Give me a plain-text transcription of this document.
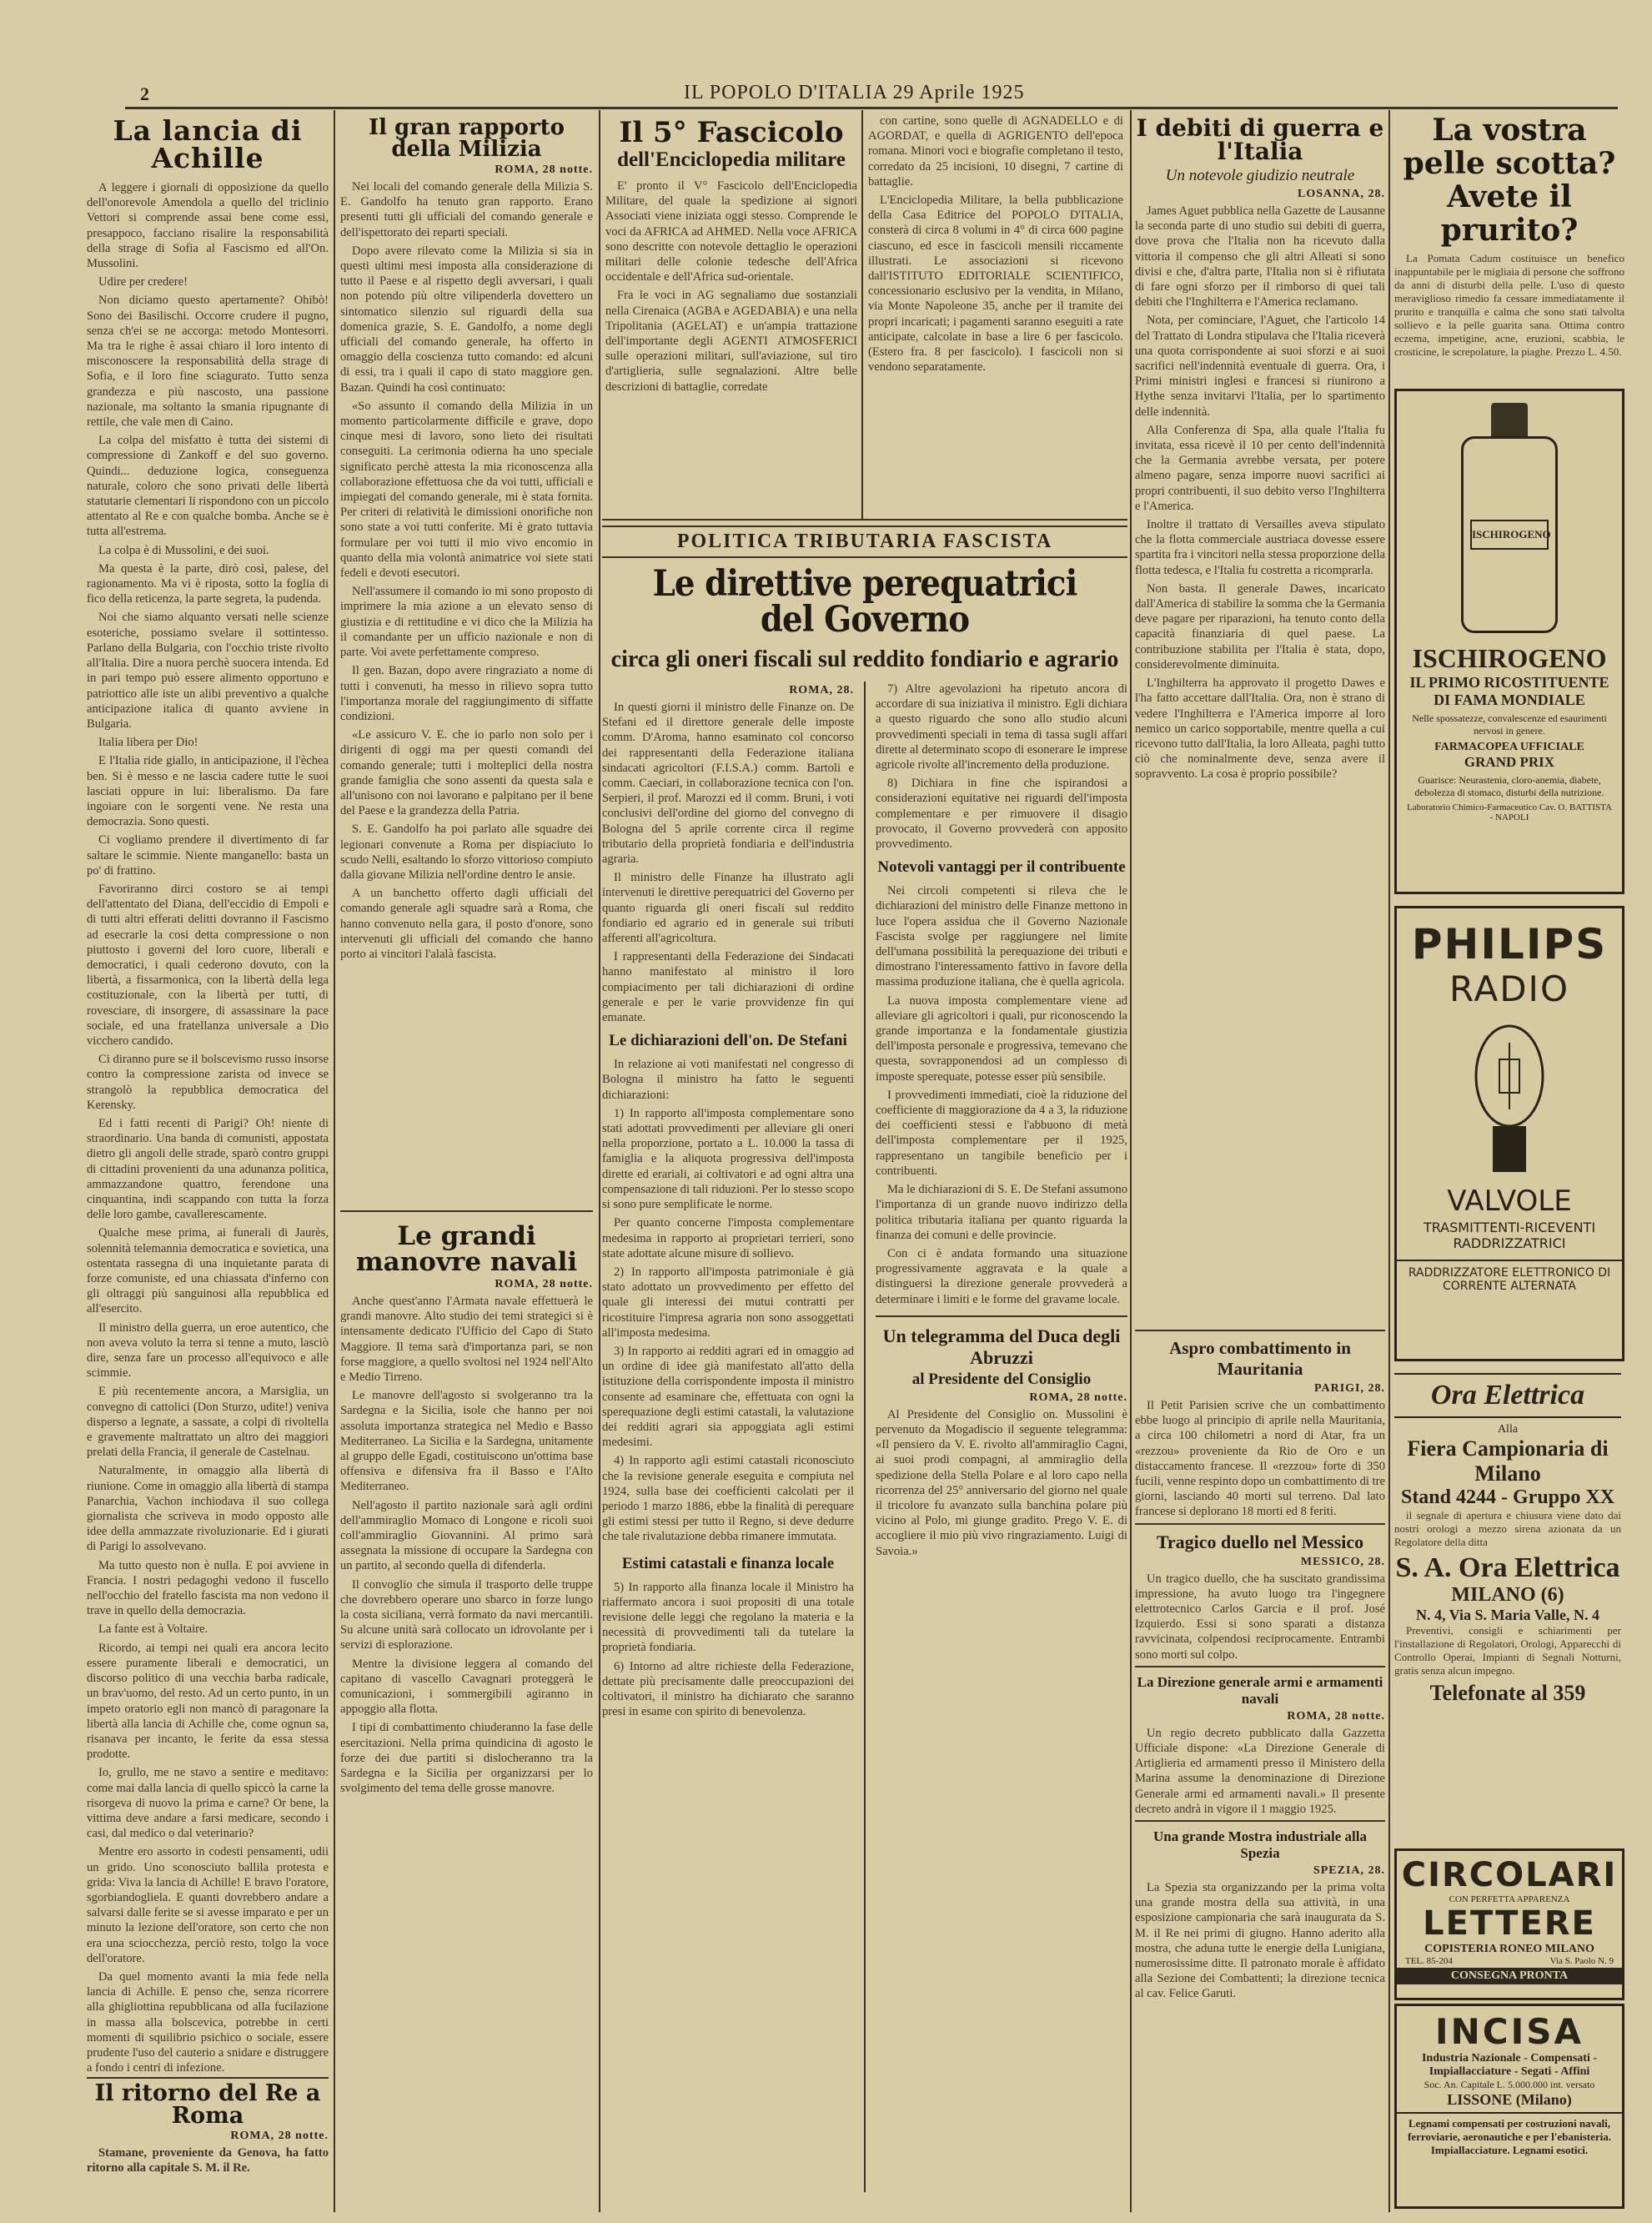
2	IL POPOLO D'ITALIA 29 Aprile 1925
La lancia di Achille

A leggere i giornali di opposizione da quello dell'onorevole Amendola a quello del triclinio Vettori si comprende assai bene come essi, presappoco, facciano risalire la responsabilità della strage di Sofia al Fascismo ed all'On. Mussolini.

Udire per credere!

Non diciamo questo apertamente? Ohibò! Sono dei Basilischi. Occorre crudere il pugno, senza ch'ei se ne accorga: metodo Montesorri. Ma tra le righe è assai chiaro il loro intento di misconoscere la responsabilità della strage di Sofia, e il loro fine sciagurato. Tutto senza grandezza e più nascosto, una passione nazionale, ma soltanto la smania ripugnante di rettile, che vale men di Caino.

La colpa del misfatto è tutta dei sistemi di compressione di Zankoff e del suo governo. Quindi... deduzione logica, conseguenza naturale, coloro che sono privati delle libertà statutarie clementari li rispondono con un piccolo attentato al Re e con qualche bomba. Anche se è tutta all'estrema.

La colpa è di Mussolini, e dei suoi.

Ma questa è la parte, dirò così, palese, del ragionamento. Ma vi è riposta, sotto la foglia di fico della reticenza, la parte segreta, la pudenda.

Noi che siamo alquanto versati nelle scienze esoteriche, possiamo svelare il sottintesso. Parlano della Bulgaria, con l'occhio triste rivolto all'Italia. Dire a nuora perchè suocera intenda. Ed in pari tempo può essere alimento opportuno e patriottico alle iste un alibi preventivo a qualche anticipazione italica di quanto avviene in Bulgaria.

Italia libera per Dio!

E l'Italia ride giallo, in anticipazione, il l'èchea ben. Si è messo e ne lascia cadere tutte le suoi lasciati oppure in lui: liberalismo. Da fare ingoiare con le sorgenti vene. Ne resta una democrazia. Sono questi.

Ci vogliamo prendere il divertimento di far saltare le scimmie. Niente manganello: basta un po' di frattino.

Favoriranno dirci costoro se ai tempi dell'attentato del Diana, dell'eccidio di Empoli e di tutti altri efferati delitti dovranno il Fascismo ad esecrarle la cosi detta compressione o non piuttosto i governi del loro cuore, liberali e democratici, i quali cederono dovuto, con la libertà, a fissarmonica, con la libertà della lega costituzionale, con la libertà per tutti, di rovesciare, di insorgere, di assassinare la pace sociale, ed una fratellanza universale a Dio vicchero candido.

Ci diranno pure se il bolscevismo russo insorse contro la compressione zarista od invece se strangolò la repubblica democratica del Kerensky.

Ed i fatti recenti di Parigi? Oh! niente di straordinario. Una banda di comunisti, appostata dietro gli angoli delle strade, sparò contro gruppi di cittadini provenienti da una adunanza politica, ammazzandone quattro, ferendone una cinquantina, indi scappando con tutta la forza delle loro gambe, cavallerescamente.

Qualche mese prima, ai funerali di Jaurès, solennità telemannia democratica e sovietica, una ostentata rassegna di una inquietante parata di forze comuniste, ed una chiassata d'inferno con gli oltraggi più sanguinosi alla repubblica ed all'esercito.

Il ministro della guerra, un eroe autentico, che non aveva voluto la terra si tenne a muto, lasciò dire, senza fare un processo all'equivoco e alle scimmie.

E più recentemente ancora, a Marsiglia, un convegno di cattolici (Don Sturzo, udite!) veniva disperso a legnate, a sassate, a colpi di rivoltella e gravemente maltrattato un altro dei maggiori prelati della Francia, il generale de Castelnau.

Naturalmente, in omaggio alla libertà di riunione. Come in omaggio alla libertà di stampa Panarchia, Vachon inchiodava il suo collega giornalista che scriveva in modo opposto alle idee della ammazzate rivoluzionarie. Ed i giurati di Parigi lo assolvevano.

Ma tutto questo non è nulla. E poi avviene in Francia. I nostri pedagoghi vedono il fuscello nell'occhio del fratello fascista ma non vedono il trave in quello della democrazia.

La fante est à Voltaire.

Ricordo, ai tempi nei quali era ancora lecito essere puramente liberali e democratici, un discorso politico di una vecchia barba radicale, un brav'uomo, del resto. Ad un certo punto, in un impeto oratorio egli non mancò di paragonare la libertà alla lancia di Achille che, come ognun sa, risanava per incanto, le ferite da essa stessa prodotte.

Io, grullo, me ne stavo a sentire e meditavo: come mai dalla lancia di quello spiccò la carne la risorgeva di nuovo la prima e carne? Or bene, la vittima deve andare a farsi medicare, secondo i casi, dal medico o dal veterinario?

Mentre ero assorto in codesti pensamenti, udii un grido. Uno sconosciuto ballila protesta e grida: Viva la lancia di Achille! E bravo l'oratore, sgorbiandogliela. E quanti dovrebbero andare a salvarsi dalle ferite se si avesse imparato e per un minuto la lezione dell'oratore, son certo che non era una sciocchezza, perciò resto, tolgo la voce dell'oratore.

Da quel momento avanti la mia fede nella lancia di Achille. E penso che, senza ricorrere alla ghigliottina repubblicana od alla fucilazione in massa alla bolscevica, potrebbe in certi momenti di squilibrio psichico o sociale, essere prudente l'uso del cauterio a snidare e distruggere a fondo i centri di infezione.

Il ritorno del Re a Roma
ROMA, 28 notte.

Stamane, proveniente da Genova, ha fatto ritorno alla capitale S. M. il Re.

Il gran rapporto della Milizia
ROMA, 28 notte.

Nei locali del comando generale della Milizia S. E. Gandolfo ha tenuto gran rapporto. Erano presenti tutti gli ufficiali del comando generale e dell'ispettorato dei reparti speciali.

Dopo avere rilevato come la Milizia si sia in questi ultimi mesi imposta alla considerazione di tutto il Paese e al rispetto degli avversari, i quali non potendo più oltre vilipenderla dovettero un sintomatico silenzio sul riguardi della sua domenica grazie, S. E. Gandolfo, a nome degli ufficiali del comando generale, ha offerto in omaggio della coscienza tutto comando: ed alcuni di essi, tra i quali il capo di stato maggiore gen. Bazan. Quindi ha così continuato:

«So assunto il comando della Milizia in un momento particolarmente difficile e grave, dopo cinque mesi di lavoro, sono lieto dei risultati conseguiti. La cerimonia odierna ha uno speciale significato perchè attesta la mia riconoscenza alla collaborazione effettuosa che da voi tutti, ufficiali e impiegati del comando generale, mi è stata fornita. Per criteri di relatività le dimissioni onorifiche non sono state a voi tutti conferite. Mi è grato tuttavia formulare per voi tutti il mio vivo encomio in quanto della mia volontà animatrice voi siete stati fedeli e devoti esecutori.

Nell'assumere il comando io mi sono proposto di imprimere la mia azione a un elevato senso di giustizia e di rettitudine e vi dico che la Milizia ha il comandante per un ufficio nazionale e non di parte. Voi avete perfettamente compreso.

Il gen. Bazan, dopo avere ringraziato a nome di tutti i convenuti, ha messo in rilievo sopra tutto l'importanza morale del raggiungimento di siffatte condizioni.

«Le assicuro V. E. che io parlo non solo per i dirigenti di oggi ma per questi comandi del comando generale; tutti i molteplici della nostra grande famiglia che sono assenti da questa sala e all'unisono con noi lavorano e palpitano per il bene del Paese e la grandezza della Patria.

S. E. Gandolfo ha poi parlato alle squadre dei legionari convenute a Roma per dispiaciuto lo scudo Nelli, esaltando lo sforzo vittorioso compiuto dalla giovane Milizia nell'ordine dentro le ansie.

A un banchetto offerto dagli ufficiali del comando generale agli squadre sarà a Roma, che hanno convenuto nella gara, il posto d'onore, sono intervenuti gli ufficiali del comando che hanno porto ai vincitori l'alalà fascista.

Le grandi manovre navali
ROMA, 28 notte.

Anche quest'anno l'Armata navale effettuerà le grandi manovre. Alto studio dei temi strategici si è intensamente dedicato l'Ufficio del Capo di Stato Maggiore. Il tema sarà d'importanza pari, se non forse maggiore, a quello svoltosi nel 1924 nell'Alto e Medio Tirreno.

Le manovre dell'agosto si svolgeranno tra la Sardegna e la Sicilia, isole che hanno per noi assoluta importanza strategica nel Medio e Basso Mediterraneo. La Sicilia e la Sardegna, unitamente al gruppo delle Egadi, costituiscono un'ottima base offensiva e difensiva fra il Basso e l'Alto Mediterraneo.

Nell'agosto il partito nazionale sarà agli ordini dell'ammiraglio Momaco di Longone e ricoli suoi coll'ammiraglio Giovannini. Al primo sarà assegnata la missione di occupare la Sardegna con un partito, al secondo quella di difenderla.

Il convoglio che simula il trasporto delle truppe che dovrebbero operare uno sbarco in forze lungo la costa siciliana, verrà formato da navi mercantili. Su alcune unità sarà collocato un idrovolante per i servizi di esplorazione.

Mentre la divisione leggera al comando del capitano di vascello Cavagnari proteggerà le comunicazioni, i sommergibili agiranno in appoggio alla flotta.

I tipi di combattimento chiuderanno la fase delle esercitazioni. Nella prima quindicina di agosto le forze dei due partiti si dislocheranno tra la Sardegna e la Sicilia per organizzarsi per lo svolgimento del tema delle grosse manovre.

Il 5° Fascicolo
dell'Enciclopedia militare

E' pronto il V° Fascicolo dell'Enciclopedia Militare, del quale la spedizione ai signori Associati viene iniziata oggi stesso. Comprende le voci da AFRICA ad AHMED. Nella voce AFRICA sono descritte con notevole dettaglio le operazioni militari delle colonie tedesche dell'Africa occidentale e dell'Africa sud-orientale.

Fra le voci in AG segnaliamo due sostanziali nella Cirenaica (AGBA e AGEDABIA) e una nella Tripolitania (AGELAT) e un'ampia trattazione dell'importante degli AGENTI ATMOSFERICI sulle operazioni militari, sull'aviazione, sul tiro d'artiglieria, sulle segnalazioni. Altre belle descrizioni di battaglie, corredate

con cartine, sono quelle di AGNADELLO e di AGORDAT, e quella di AGRIGENTO dell'epoca romana. Minori voci e biografie completano il testo, corredato da 25 incisioni, 10 disegni, 7 cartine di battaglie.

L'Enciclopedia Militare, la bella pubblicazione della Casa Editrice del POPOLO D'ITALIA, consterà di circa 8 volumi in 4° di circa 600 pagine ciascuno, ed esce in fascicoli mensili riccamente illustrati. Le associazioni si ricevono dall'ISTITUTO EDITORIALE SCIENTIFICO, concessionario esclusivo per la vendita, in Milano, via Monte Napoleone 35, anche per il tramite dei propri incaricati; i pagamenti saranno eseguiti a rate anticipate, calcolate in base a lire 6 per fascicolo. (Estero fra. 8 per fascicolo). I fascicoli non si vendono separatamente.

POLITICA TRIBUTARIA FASCISTA
Le direttive perequatrici del Governo
circa gli oneri fiscali sul reddito fondiario e agrario
ROMA, 28.

In questi giorni il ministro delle Finanze on. De Stefani ed il direttore generale delle imposte comm. D'Aroma, hanno esaminato col concorso dei rappresentanti della Federazione italiana sindacati agricoltori (F.I.S.A.) comm. Bartoli e comm. Caeciari, in collaborazione tecnica con l'on. Serpieri, il prof. Marozzi ed il comm. Bruni, i voti conclusivi dell'ordine del giorno del convegno di Bologna del 5 aprile corrente circa il regime tributario della proprietà fondiaria e dell'industria agraria.

Il ministro delle Finanze ha illustrato agli intervenuti le direttive perequatrici del Governo per quanto riguarda gli oneri fiscali sul reddito fondiario ed agrario ed in generale sui tributi afferenti all'agricoltura.

I rappresentanti della Federazione dei Sindacati hanno manifestato al ministro il loro compiacimento per tali dichiarazioni di ordine generale e per le varie provvidenze fin qui emanate.

Le dichiarazioni dell'on. De Stefani

In relazione ai voti manifestati nel congresso di Bologna il ministro ha fatto le seguenti dichiarazioni:

1) In rapporto all'imposta complementare sono stati adottati provvedimenti per alleviare gli oneri nella proporzione, portato a L. 10.000 la tassa di famiglia e la aliquota progressiva dell'imposta dirette ed erariali, ai coltivatori e ad ogni altra una compensazione di tali riduzioni. Per lo stesso scopo si sono pure semplificate le norme.

Per quanto concerne l'imposta complementare medesima in rapporto ai proprietari terrieri, sono state adottate alcune misure di sollievo.

2) In rapporto all'imposta patrimoniale è già stato adottato un provvedimento per effetto del quale gli interessi dei mutui contratti per ricostituire l'impresa agraria non sono assoggettati all'imposta medesima.

3) In rapporto ai redditi agrari ed in omaggio ad un ordine di idee già manifestato all'atto della istituzione della corrispondente imposta il ministro consente ad esaminare che, effettuata con ogni la sperequazione degli estimi catastali, la valutazione dei redditi agrari sia appoggiata agli estimi medesimi.

4) In rapporto agli estimi catastali riconosciuto che la revisione generale eseguita e compiuta nel 1924, sulla base dei coefficienti calcolati per il periodo 1 marzo 1886, ebbe la finalità di perequare gli estimi stessi per tutto il Regno, si deve dedurre che tale rivalutazione debba rimanere immutata.

Estimi catastali e finanza locale

5) In rapporto alla finanza locale il Ministro ha riaffermato ancora i suoi propositi di una totale revisione delle leggi che regolano la materia e la necessità di provvedimenti tali da tutelare la proprietà fondiaria.

6) Intorno ad altre richieste della Federazione, dettate più precisamente dalle preoccupazioni dei coltivatori, il ministro ha dichiarato che saranno presi in esame con spirito di benevolenza.

7) Altre agevolazioni ha ripetuto ancora di accordare di sua iniziativa il ministro. Egli dichiara a questo riguardo che sono allo studio alcuni provvedimenti speciali in tema di tassa sugli affari dirette al determinato scopo di esonerare le imprese agricole rivolte all'incremento della produzione.

8) Dichiara in fine che ispirandosi a considerazioni equitative nei riguardi dell'imposta complementare e per rimuovere il disagio provocato, il Governo provvederà con apposito provvedimento.

Notevoli vantaggi per il contribuente

Nei circoli competenti si rileva che le dichiarazioni del ministro delle Finanze mettono in luce l'opera assidua che il Governo Nazionale Fascista svolge per raggiungere nel limite dell'umana possibilità la perequazione dei tributi e dimostrano l'interessamento fattivo in favore della massima produzione italiana, che è quella agricola.

La nuova imposta complementare viene ad alleviare gli agricoltori i quali, pur riconoscendo la grande importanza e la fondamentale giustizia dell'imposta personale e progressiva, temevano che questa, sovrapponendosi ad un complesso di imposte sperequate, potesse esser più sensibile.

I provvedimenti immediati, cioè la riduzione del coefficiente di maggiorazione da 4 a 3, la riduzione dei coefficienti stessi e l'abbuono di metà dell'imposta complementare per il 1925, rappresentano un tangibile beneficio per i contribuenti.

Ma le dichiarazioni di S. E. De Stefani assumono l'importanza di un grande nuovo indirizzo della politica tributaria italiana per quanto riguarda la finanza dei comuni e delle provincie.

Con ci è andata formando una situazione progressivamente aggravata e la quale a distinguersi la direzione generale provvederà a determinare i limiti e le forme del gravame locale.

Un telegramma del Duca degli Abruzzi
al Presidente del Consiglio
ROMA, 28 notte.

Al Presidente del Consiglio on. Mussolini è pervenuto da Mogadiscio il seguente telegramma: «Il pensiero da V. E. rivolto all'ammiraglio Cagni, ai suoi prodi compagni, al ammiraglio della spedizione della Stella Polare e al loro capo nella ricorrenza del 25° anniversario del giorno nel quale il tricolore fu avanzato sulla banchina polare più vicino al Polo, mi giunge gradito. Prego V. E. di accogliere il mio più vivo ringraziamento. Luigi di Savoia.»

I debiti di guerra e l'Italia
Un notevole giudizio neutrale
LOSANNA, 28.

James Aguet pubblica nella Gazette de Lausanne la seconda parte di uno studio sui debiti di guerra, dove prova che l'Italia non ha ricevuto dalla vittoria il compenso che gli altri Alleati si sono divisi e che, d'altra parte, l'Italia non si è rifiutata di fare ogni sforzo per il rimborso di quei tali debiti che l'Inghilterra e l'America reclamano.

Nota, per cominciare, l'Aguet, che l'articolo 14 del Trattato di Londra stipulava che l'Italia riceverà una quota corrispondente ai suoi sforzi e ai suoi sacrifici nell'indennità eventuale di guerra. Ora, i Primi ministri inglesi e francesi si riunirono a Hythe senza invitarvi l'Italia, per lo spartimento delle indennità.

Alla Conferenza di Spa, alla quale l'Italia fu invitata, essa ricevè il 10 per cento dell'indennità che la Germania avrebbe versata, per potere almeno pagare, senza imporre nuovi sacrifici ai propri contribuenti, il suo debito verso l'Inghilterra e l'America.

Inoltre il trattato di Versailles aveva stipulato che la flotta commerciale austriaca dovesse essere spartita fra i vincitori nella stessa proporzione della flotta tedesca, e l'Italia fu costretta a ricomprarla.

Non basta. Il generale Dawes, incaricato dall'America di stabilire la somma che la Germania deve pagare per riparazioni, ha tenuto conto della capacità finanziaria di quel paese. La contribuzione stabilita per l'Italia è stata, dopo, considerevolmente diminuita.

L'Inghilterra ha approvato il progetto Dawes e l'ha fatto accettare dall'Italia. Ora, non è strano di vedere l'Inghilterra e l'America imporre al loro nemico un carico sopportabile, mentre quella a cui ricevono tutto dall'Italia, la loro Alleata, paghi tutto ciò che nominalmente deve, senza avere il sopravvento. La cosa è proprio possibile?

Aspro combattimento in Mauritania
PARIGI, 28.

Il Petit Parisien scrive che un combattimento ebbe luogo al principio di aprile nella Mauritania, a circa 100 chilometri a nord di Atar, fra un «rezzou» proveniente da Rio de Oro e un distaccamento francese. Il «rezzou» forte di 350 fucili, venne respinto dopo un combattimento di tre giorni, lasciando 40 morti sul terreno. Dal lato francese si deplorano 18 morti ed 8 feriti.

Tragico duello nel Messico
MESSICO, 28.

Un tragico duello, che ha suscitato grandissima impressione, ha avuto luogo tra l'ingegnere elettrotecnico Carlos Garcia e il prof. José Izquierdo. Essi si sono sparati a distanza ravvicinata, colpendosi reciprocamente. Entrambi sono morti sul colpo.

La Direzione generale armi e armamenti navali
ROMA, 28 notte.

Un regio decreto pubblicato dalla Gazzetta Ufficiale dispone: «La Direzione Generale di Artiglieria ed armamenti presso il Ministero della Marina assume la denominazione di Direzione Generale armi ed armamenti navali.» Il presente decreto andrà in vigore il 1 maggio 1925.

Una grande Mostra industriale alla Spezia
SPEZIA, 28.

La Spezia sta organizzando per la prima volta una grande mostra della sua attività, in una esposizione campionaria che sarà inaugurata da S. M. il Re nei primi di giugno. Hanno aderito alla mostra, che aduna tutte le energie della Lunigiana, numerosissime ditte. Il patronato morale è affidato alla Sezione dei Combattenti; la direzione tecnica al cav. Felice Garuti.

La vostra pelle scotta? Avete il prurito?

La Pomata Cadum costituisce un benefico inappuntabile per le migliaia di persone che soffrono da anni di disturbi della pelle. L'uso di questo meraviglioso rimedio fa cessare immediatamente il prurito e tranquilla e calma che sono stati talvolta sollievo e la pelle guarita sana. Ottima contro eczema, impetigine, acne, eruzioni, scabbia, le crosticine, le screpolature, la piaghe. Prezzo L. 4.50.

ISCHIROGENO
ISCHIROGENO
IL PRIMO RICOSTITUENTE
DI FAMA MONDIALE
Nelle spossatezze, convalescenze ed esaurimenti nervosi in genere.
FARMACOPEA UFFICIALE
GRAND PRIX
Guarisce: Neurastenia, cloro-anemia, diabete, debolezza di stomaco, disturbi della nutrizione.
Laboratorio Chimico-Farmaceutico Cav. O. BATTISTA - NAPOLI
PHILIPS
RADIO
VALVOLE
TRASMITTENTI-RICEVENTI RADDRIZZATRICI
RADDRIZZATORE ELETTRONICO DI CORRENTE ALTERNATA
Ora Elettrica
Alla
Fiera Campionaria di Milano
Stand 4244 - Gruppo XX

il segnale di apertura e chiusura viene dato dai nostri orologi a mezzo sirena azionata da un Regolatore della ditta

S. A. Ora Elettrica
MILANO (6)
N. 4, Via S. Maria Valle, N. 4

Preventivi, consigli e schiarimenti per l'installazione di Regolatori, Orologi, Apparecchi di Controllo Operai, Impianti di Segnali Notturni, gratis senza alcun impegno.

Telefonate al 359
CIRCOLARI
CON PERFETTA APPARENZA
LETTERE
COPISTERIA RONEO MILANO
TEL. 85-204	Via S. Paolo N. 9
CONSEGNA PRONTA
INCISA
Industria Nazionale - Compensati - Impiallacciature - Segati - Affini
Soc. An. Capitale L. 5.000.000 int. versato
LISSONE (Milano)
Legnami compensati per costruzioni navali, ferroviarie, aeronautiche e per l'ebanisteria. Impiallacciature. Legnami esotici.
